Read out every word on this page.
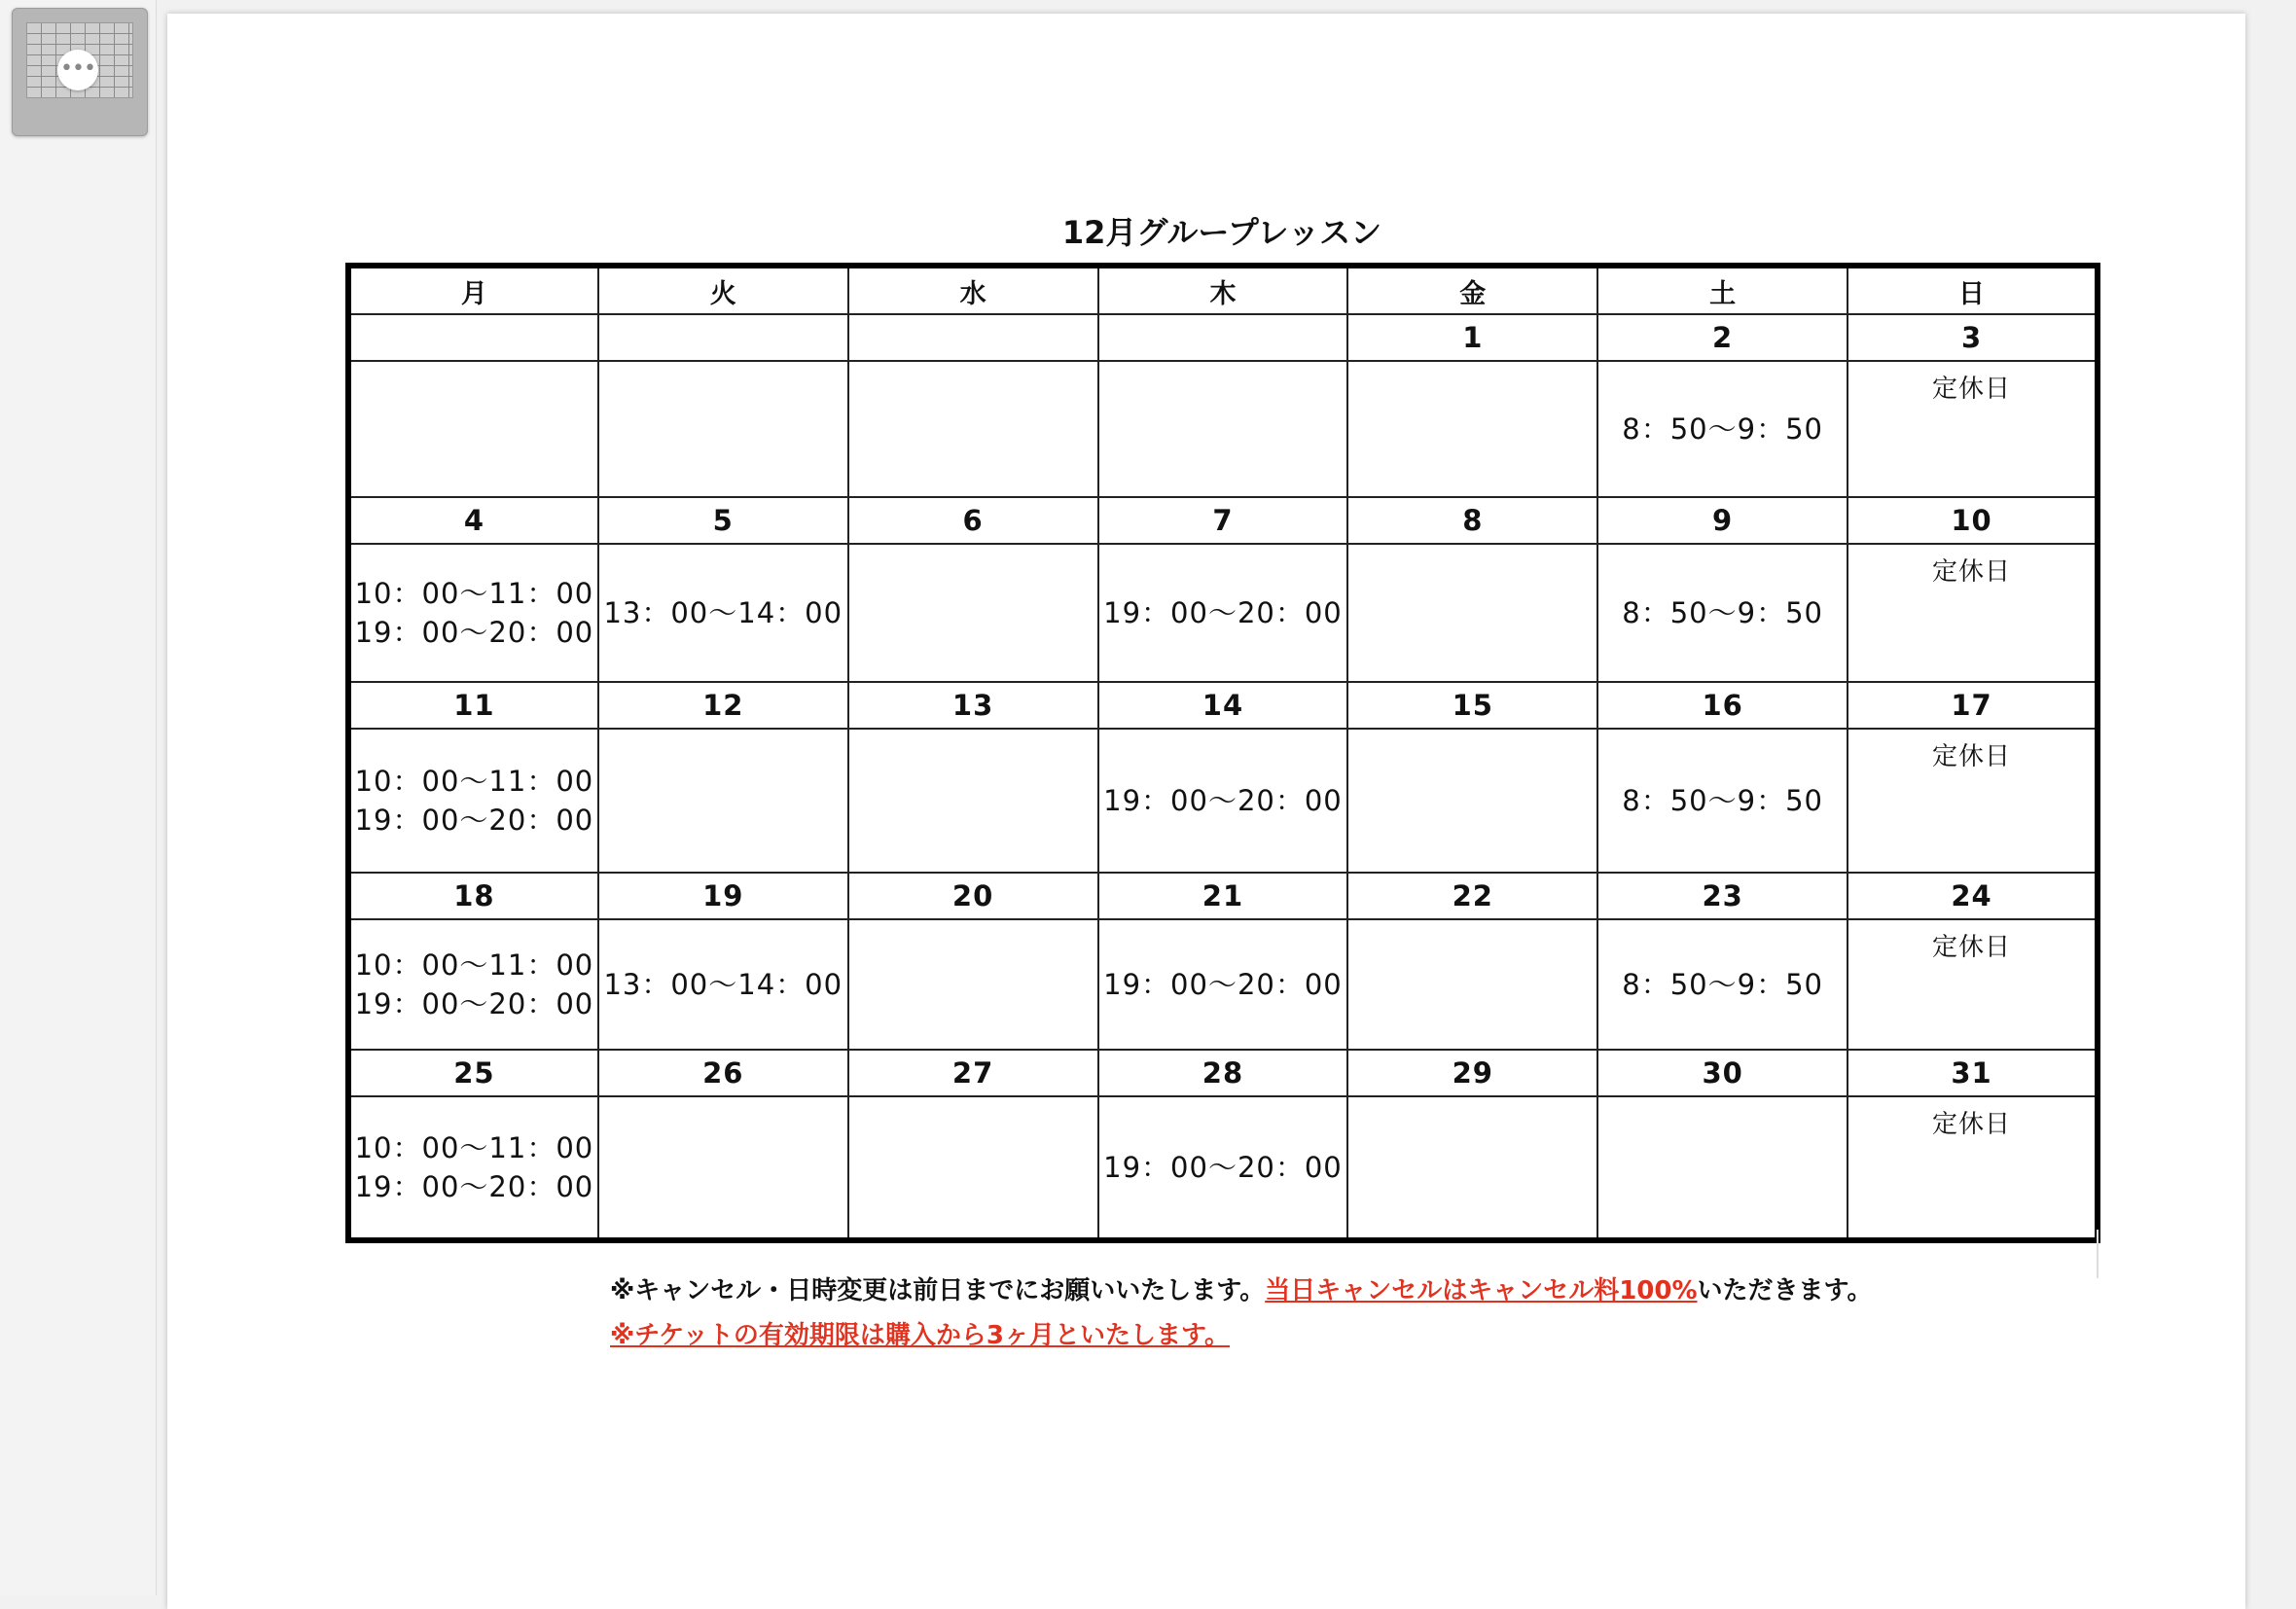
•••
12月グループレッスン
月	火	水	木	金	土	日
				1	2	3

					8：50〜9：50	定休日

4	5	6	7	8	9	10

10：00〜11：00
19：00〜20：00	13：00〜14：00		19：00〜20：00		8：50〜9：50	定休日

11	12	13	14	15	16	17

10：00〜11：00
19：00〜20：00			19：00〜20：00		8：50〜9：50	定休日

18	19	20	21	22	23	24

10：00〜11：00
19：00〜20：00	13：00〜14：00		19：00〜20：00		8：50〜9：50	定休日

25	26	27	28	29	30	31

10：00〜11：00
19：00〜20：00			19：00〜20：00			定休日
※キャンセル・日時変更は前日までにお願いいたします。当日キャンセルはキャンセル料100%いただきます。
※チケットの有効期限は購入から3ヶ月といたします。
